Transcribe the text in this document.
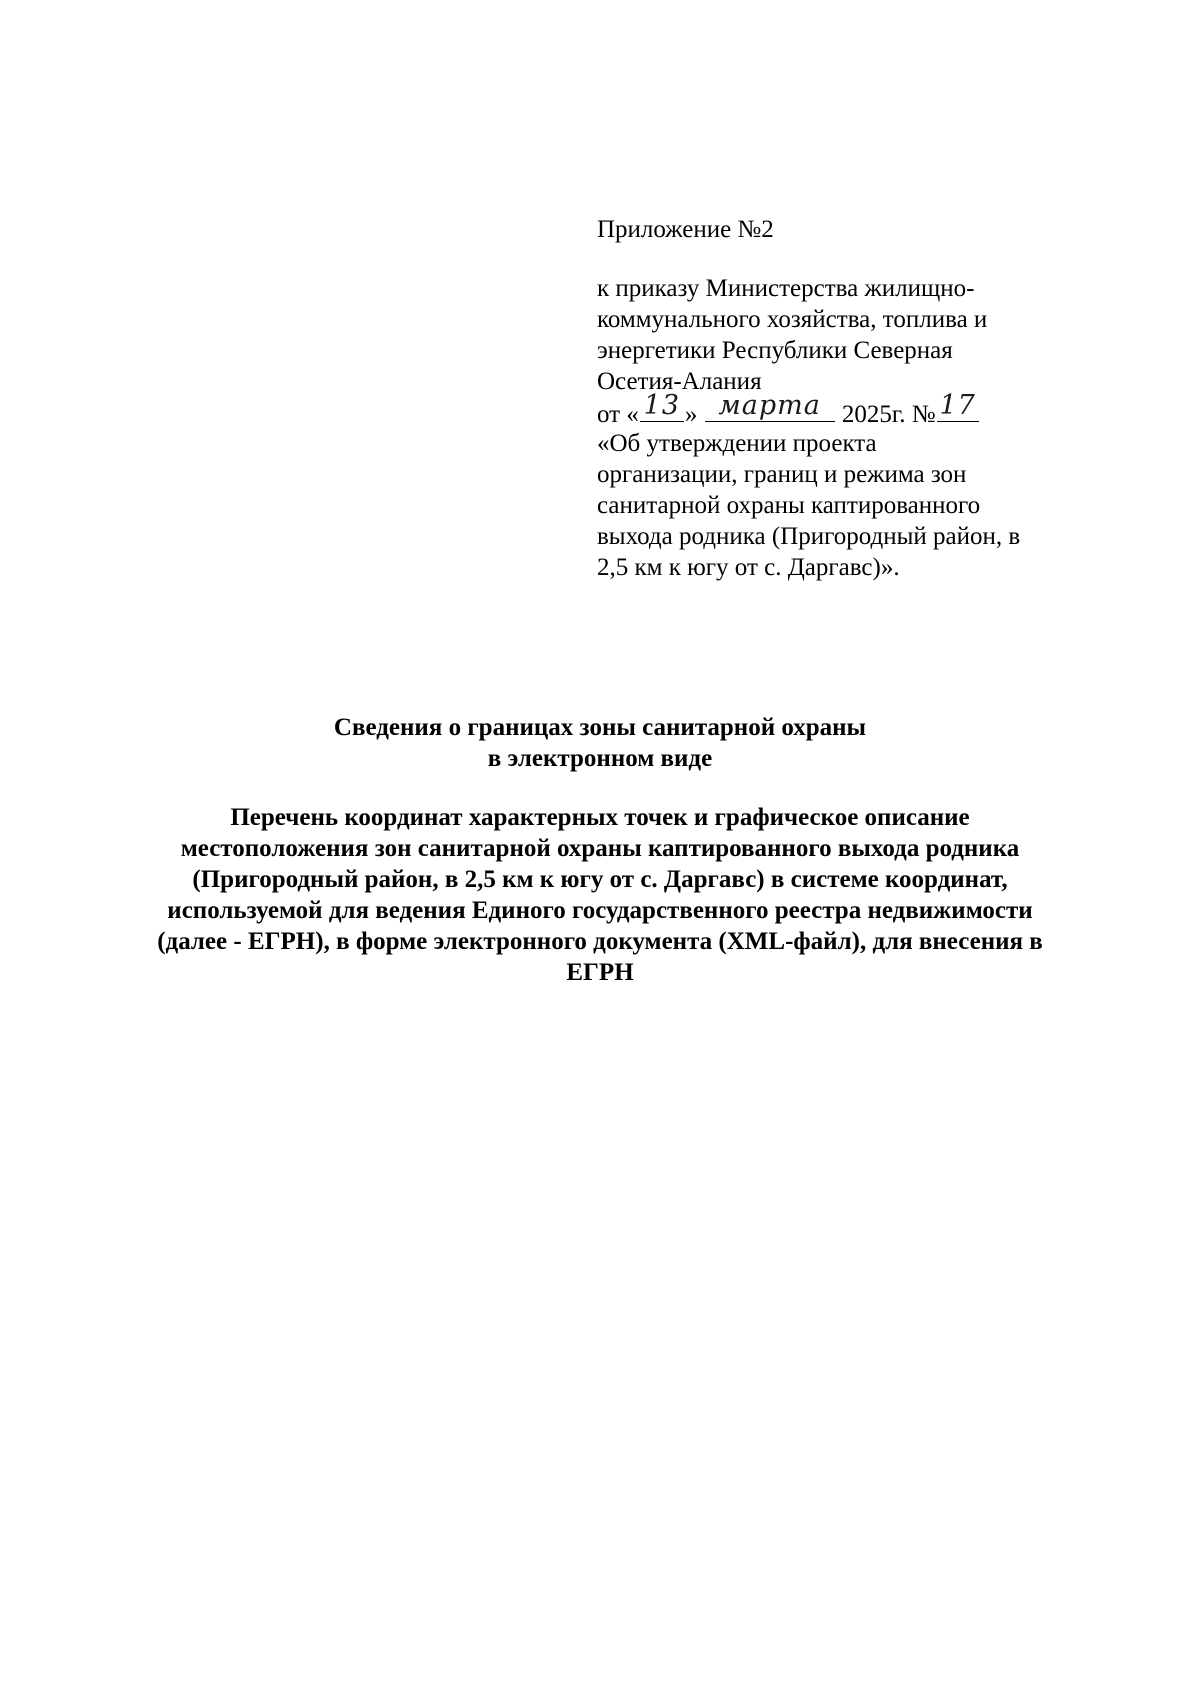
Приложение №2
к приказу Министерства жилищно-
коммунального хозяйства, топлива и
энергетики Республики Северная
Осетия-Алания
от « 13 » марта 2025г. № 17
«Об утверждении проекта
организации, границ и режима зон
санитарной охраны каптированного
выхода родника (Пригородный район, в
2,5 км к югу от с. Даргавс)».
Сведения о границах зоны санитарной охраны
в электронном виде
Перечень координат характерных точек и графическое описание
местоположения зон санитарной охраны каптированного выхода родника
(Пригородный район, в 2,5 км к югу от с. Даргавс) в системе координат,
используемой для ведения Единого государственного реестра недвижимости
(далее - ЕГРН), в форме электронного документа (XML-файл), для внесения в
ЕГРН
